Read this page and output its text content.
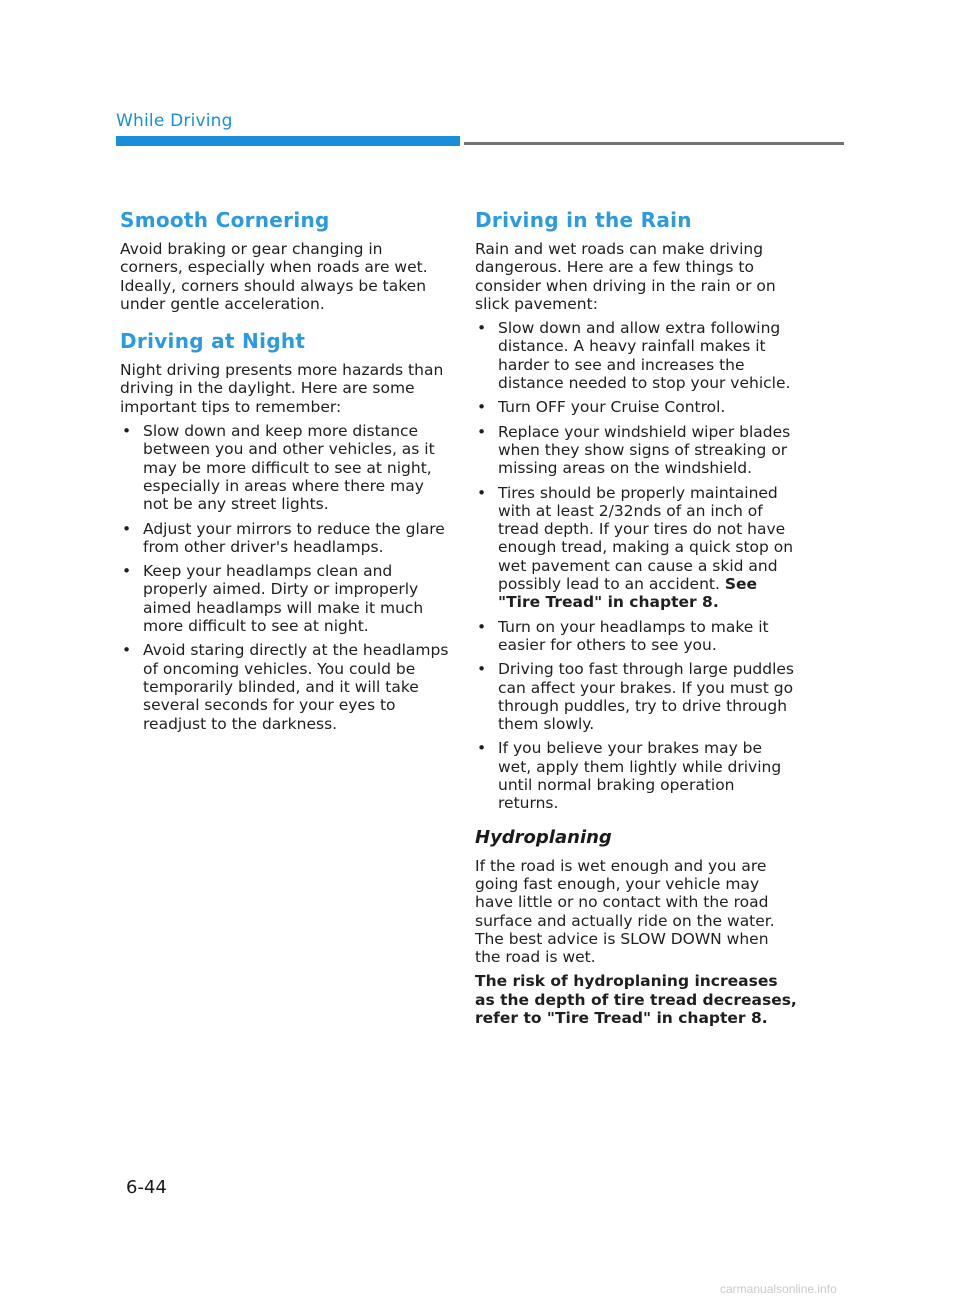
While Driving
Smooth Cornering

Avoid braking or gear changing in corners, especially when roads are wet. Ideally, corners should always be taken under gentle acceleration.

Driving at Night

Night driving presents more hazards than driving in the daylight. Here are some important tips to remember:

• Slow down and keep more distance between you and other vehicles, as it may be more difficult to see at night, especially in areas where there may not be any street lights.
• Adjust your mirrors to reduce the glare from other driver's headlamps.
• Keep your headlamps clean and properly aimed. Dirty or improperly aimed headlamps will make it much more difficult to see at night.
• Avoid staring directly at the headlamps of oncoming vehicles. You could be temporarily blinded, and it will take several seconds for your eyes to readjust to the darkness.
Driving in the Rain

Rain and wet roads can make driving dangerous. Here are a few things to consider when driving in the rain or on slick pavement:

• Slow down and allow extra following distance. A heavy rainfall makes it harder to see and increases the distance needed to stop your vehicle.
• Turn OFF your Cruise Control.
• Replace your windshield wiper blades when they show signs of streaking or missing areas on the windshield.
• Tires should be properly maintained with at least 2/32nds of an inch of tread depth. If your tires do not have enough tread, making a quick stop on wet pavement can cause a skid and possibly lead to an accident. See "Tire Tread" in chapter 8.
• Turn on your headlamps to make it easier for others to see you.
• Driving too fast through large puddles can affect your brakes. If you must go through puddles, try to drive through them slowly.
• If you believe your brakes may be wet, apply them lightly while driving until normal braking operation returns.
Hydroplaning

If the road is wet enough and you are going fast enough, your vehicle may have little or no contact with the road surface and actually ride on the water. The best advice is SLOW DOWN when the road is wet.

The risk of hydroplaning increases as the depth of tire tread decreases, refer to "Tire Tread" in chapter 8.

6-44
carmanualsonline.info
